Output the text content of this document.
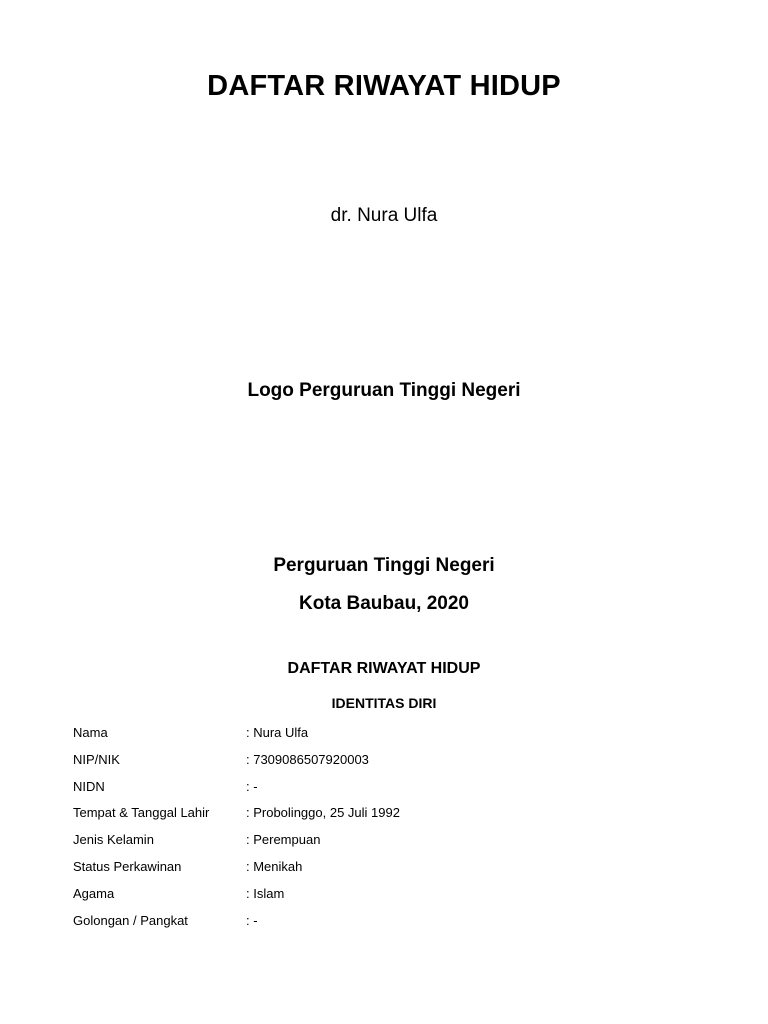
DAFTAR RIWAYAT HIDUP
dr. Nura Ulfa
Logo Perguruan Tinggi Negeri
Perguruan Tinggi Negeri
Kota Baubau, 2020
DAFTAR RIWAYAT HIDUP
IDENTITAS DIRI
Nama	: Nura Ulfa
NIP/NIK	: 7309086507920003
NIDN	: -
Tempat & Tanggal Lahir	: Probolinggo, 25 Juli 1992
Jenis Kelamin	: Perempuan
Status Perkawinan	: Menikah
Agama	: Islam
Golongan / Pangkat	: -
